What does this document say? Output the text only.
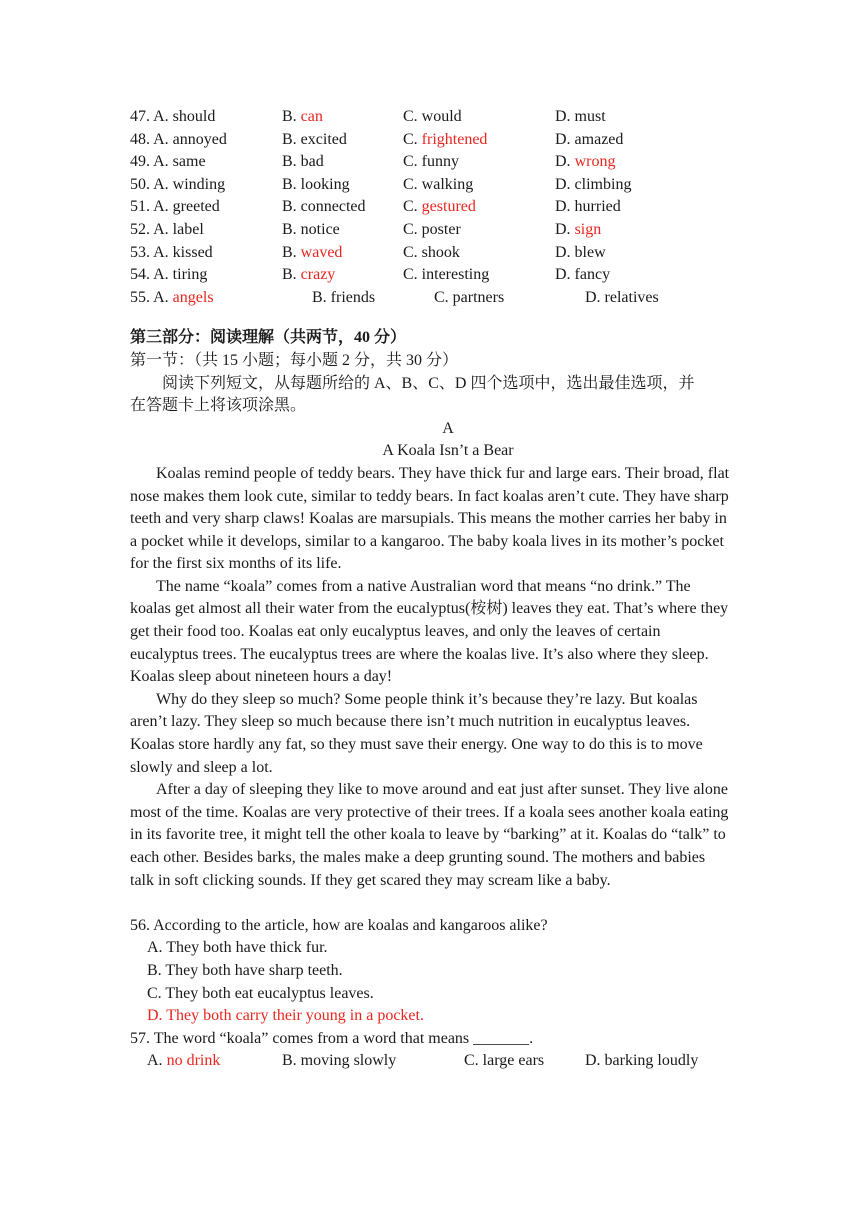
47. A. should	B. can	C. would	D. must
48. A. annoyed	B. excited	C. frightened	D. amazed
49. A. same	B. bad	C. funny	D. wrong
50. A. winding	B. looking	C. walking	D. climbing
51. A. greeted	B. connected C. gestured	D. hurried
52. A. label	B. notice	C. poster	D. sign
53. A. kissed	B. waved	C. shook	D. blew
54. A. tiring	B. crazy	C. interesting	D. fancy
55. A. angels	B. friends	C. partners	D. relatives
第三部分：阅读理解（共两节，40 分）
第一节：（共 15 小题；每小题 2 分，共 30 分）
阅读下列短文，从每题所给的 A、B、C、D 四个选项中，选出最佳选项，并
在答题卡上将该项涂黑。
A
A Koala Isn’t a Bear

Koalas remind people of teddy bears. They have thick fur and large ears. Their broad, flat nose makes them look cute, similar to teddy bears. In fact koalas aren’t cute. They have sharp teeth and very sharp claws! Koalas are marsupials. This means the mother carries her baby in a pocket while it develops, similar to a kangaroo. The baby koala lives in its mother’s pocket for the first six months of its life.

The name “koala” comes from a native Australian word that means “no drink.” The koalas get almost all their water from the eucalyptus(桉树) leaves they eat. That’s where they get their food too. Koalas eat only eucalyptus leaves, and only the leaves of certain eucalyptus trees. The eucalyptus trees are where the koalas live. It’s also where they sleep. Koalas sleep about nineteen hours a day!

Why do they sleep so much? Some people think it’s because they’re lazy. But koalas aren’t lazy. They sleep so much because there isn’t much nutrition in eucalyptus leaves. Koalas store hardly any fat, so they must save their energy. One way to do this is to move slowly and sleep a lot.

After a day of sleeping they like to move around and eat just after sunset. They live alone most of the time. Koalas are very protective of their trees. If a koala sees another koala eating in its favorite tree, it might tell the other koala to leave by “barking” at it. Koalas do “talk” to each other. Besides barks, the males make a deep grunting sound. The mothers and babies talk in soft clicking sounds. If they get scared they may scream like a baby.

56. According to the article, how are koalas and kangaroos alike?
A. They both have thick fur.
B. They both have sharp teeth.
C. They both eat eucalyptus leaves.
D. They both carry their young in a pocket.
57. The word “koala” comes from a word that means _______.
A. no drink	B. moving slowly	C. large ears	D. barking loudly
